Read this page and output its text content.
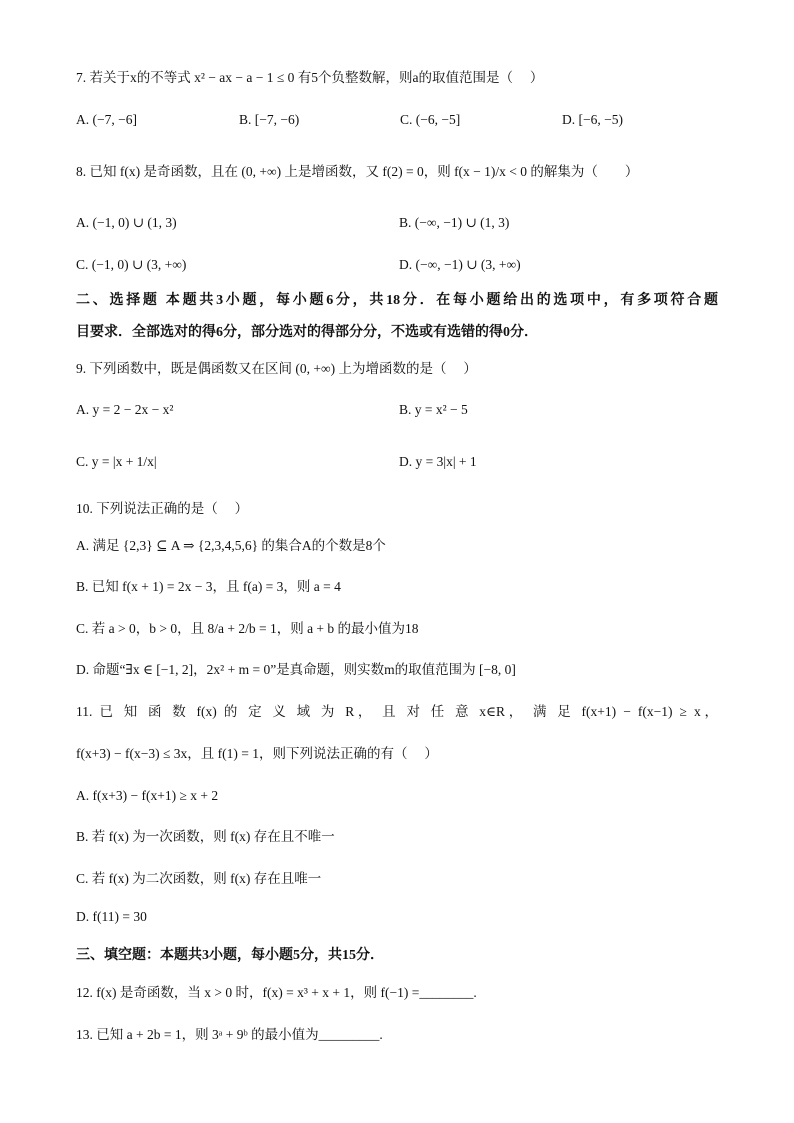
7. 若关于x的不等式 x² − ax − a − 1 ≤ 0 有5个负整数解，则a的取值范围是（　 ）
A. (−7, −6]	B. [−7, −6)	C. (−6, −5]	D. [−6, −5)
8. 已知 f(x) 是奇函数，且在 (0, +∞) 上是增函数，又 f(2) = 0，则 f(x − 1)/x < 0 的解集为（　　）
A. (−1, 0) ∪ (1, 3)	B. (−∞, −1) ∪ (1, 3)
C. (−1, 0) ∪ (3, +∞)	D. (−∞, −1) ∪ (3, +∞)
二、选择题 本题共3小题，每小题6分，共18分．在每小题给出的选项中，有多项符合题
目要求．全部选对的得6分，部分选对的得部分分，不选或有选错的得0分．
9. 下列函数中，既是偶函数又在区间 (0, +∞) 上为增函数的是（　 ）
A. y = 2 − 2x − x²	B. y = x² − 5
C. y = |x + 1/x|	D. y = 3|x| + 1
10. 下列说法正确的是（　 ）
A. 满足 {2,3} ⊆ A ⇒ {2,3,4,5,6} 的集合A的个数是8个
B. 已知 f(x + 1) = 2x − 3，且 f(a) = 3，则 a = 4
C. 若 a > 0，b > 0，且 8/a + 2/b = 1，则 a + b 的最小值为18
D. 命题“∃x ∈ [−1, 2]，2x² + m = 0”是真命题，则实数m的取值范围为 [−8, 0]
11. 已 知 函 数 f(x) 的 定 义 域 为 R， 且 对 任 意 x∈R， 满 足 f(x+1) − f(x−1) ≥ x，
f(x+3) − f(x−3) ≤ 3x，且 f(1) = 1，则下列说法正确的有（　 ）
A. f(x+3) − f(x+1) ≥ x + 2
B. 若 f(x) 为一次函数，则 f(x) 存在且不唯一
C. 若 f(x) 为二次函数，则 f(x) 存在且唯一
D. f(11) = 30
三、填空题：本题共3小题，每小题5分，共15分．
12. f(x) 是奇函数，当 x > 0 时，f(x) = x³ + x + 1，则 f(−1) =________.
13. 已知 a + 2b = 1，则 3ᵃ + 9ᵇ 的最小值为_________.
